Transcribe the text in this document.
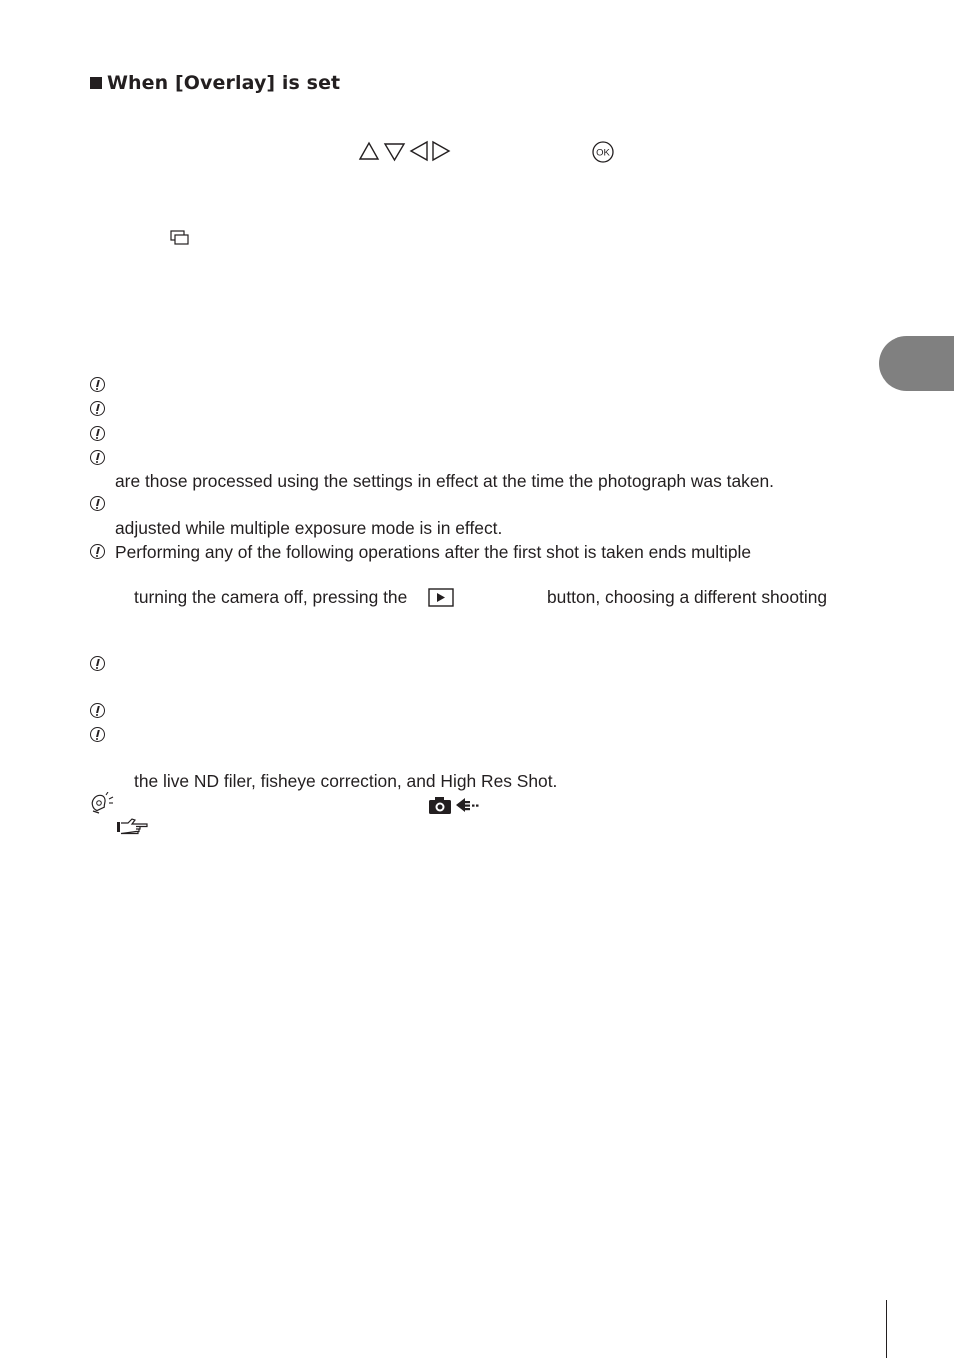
When [Overlay] is set
OK
are those processed using the settings in effect at the time the photograph was taken.
adjusted while multiple exposure mode is in effect.
Performing any of the following operations after the first shot is taken ends multiple
turning the camera off, pressing the	button, choosing a different shooting
the live ND filer, fisheye correction, and High Res Shot.
